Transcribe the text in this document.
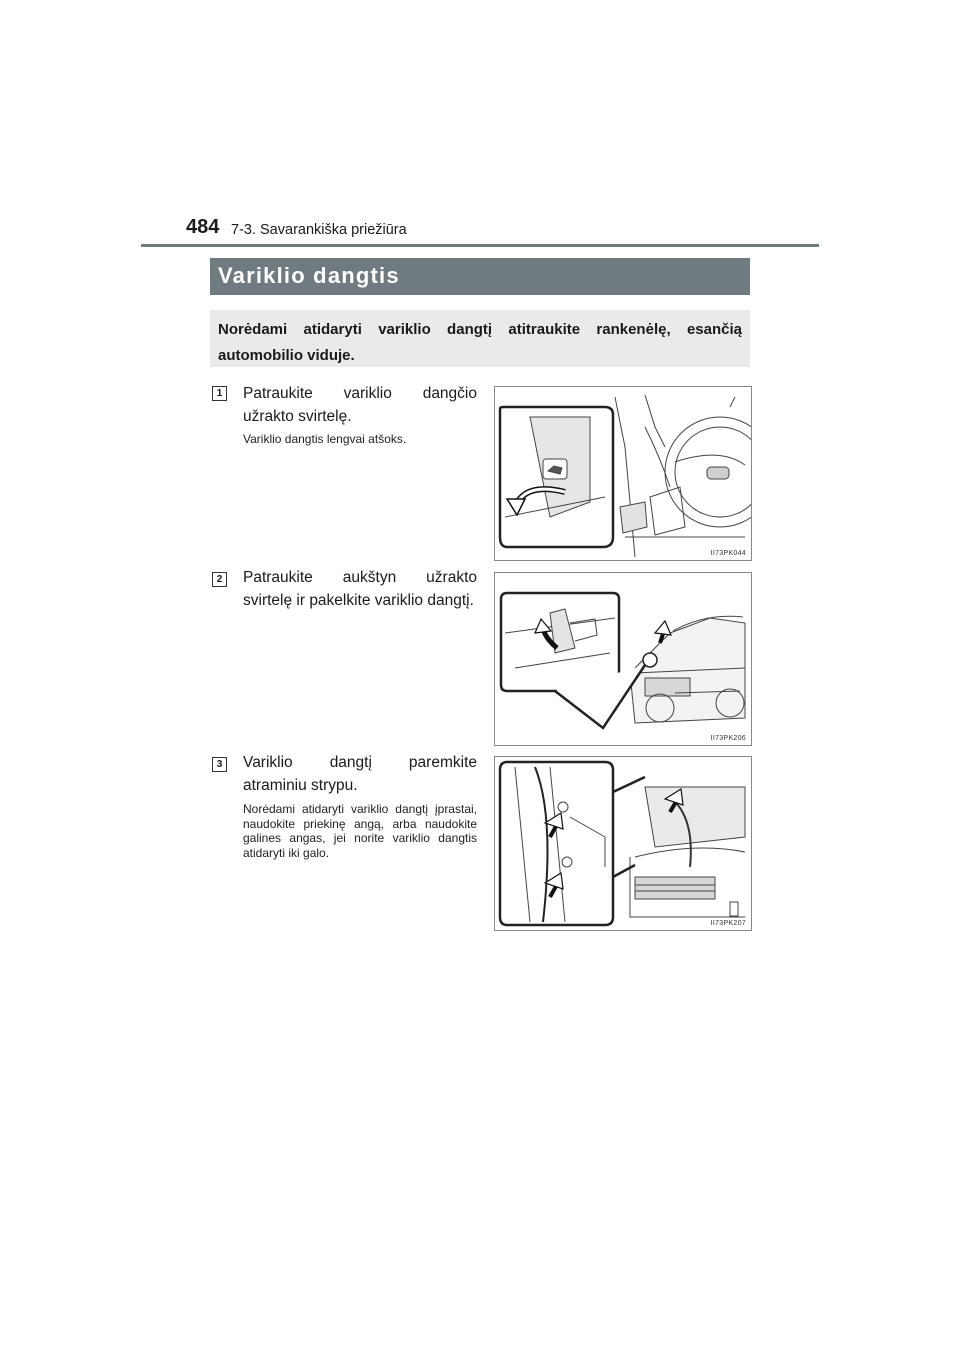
484 7-3. Savarankiška priežiūra
Variklio dangtis
Norėdami atidaryti variklio dangtį atitraukite rankenėlę, esančią automobilio viduje.
1	Patraukite variklio dangčio užrakto svirtelę.
Variklio dangtis lengvai atšoks.
II73PK044
2	Patraukite aukštyn užrakto svirtelę ir pakelkite variklio dangtį.
II73PK206
3	Variklio dangtį paremkite atraminiu strypu.
Norėdami atidaryti variklio dangtį įprastai, naudokite priekinę angą, arba naudokite galines angas, jei norite variklio dangtis atidaryti iki galo.
II73PK207
